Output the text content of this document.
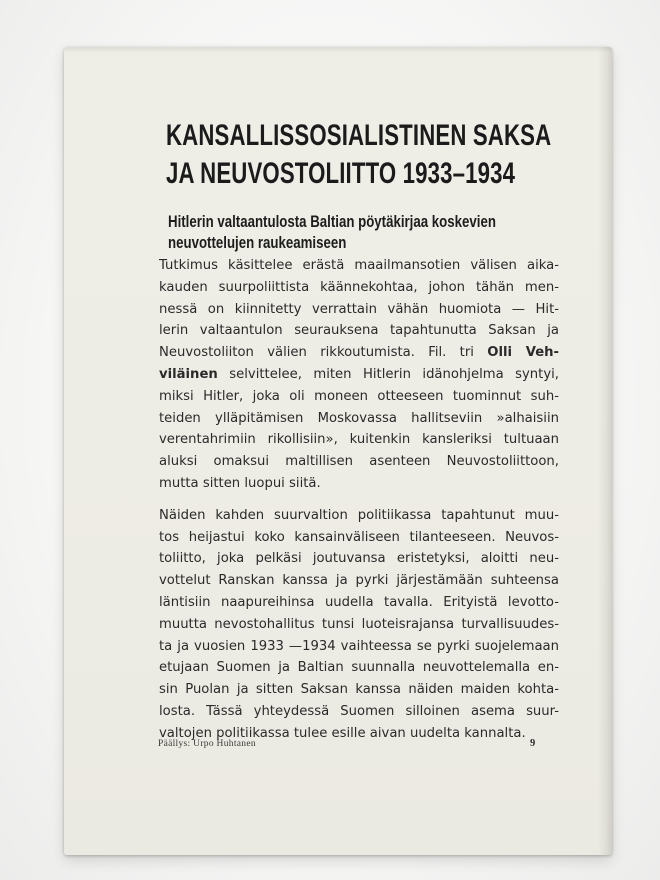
KANSALLISSOSIALISTINEN SAKSA
JA NEUVOSTOLIITTO 1933–1934
Hitlerin valtaantulosta Baltian pöytäkirjaa koskevien
neuvottelujen raukeamiseen

Tutkimus käsittelee erästä maailmansotien välisen aika-
kauden suurpoliittista käännekohtaa, johon tähän men-
nessä on kiinnitetty verrattain vähän huomiota — Hit-
lerin valtaantulon seurauksena tapahtunutta Saksan ja
Neuvostoliiton välien rikkoutumista. Fil. tri Olli Veh-
viläinen selvittelee, miten Hitlerin idänohjelma syntyi,
miksi Hitler, joka oli moneen otteeseen tuominnut suh-
teiden ylläpitämisen Moskovassa hallitseviin »alhaisiin
verentahrimiin rikollisiin», kuitenkin kansleriksi tultuaan
aluksi omaksui maltillisen asenteen Neuvostoliittoon,
mutta sitten luopui siitä.

Näiden kahden suurvaltion politiikassa tapahtunut muu-
tos heijastui koko kansainväliseen tilanteeseen. Neuvos-
toliitto, joka pelkäsi joutuvansa eristetyksi, aloitti neu-
vottelut Ranskan kanssa ja pyrki järjestämään suhteensa
läntisiin naapureihinsa uudella tavalla. Erityistä levotto-
muutta nevostohallitus tunsi luoteisrajansa turvallisuudes-
ta ja vuosien 1933 —1934 vaihteessa se pyrki suojelemaan
etujaan Suomen ja Baltian suunnalla neuvottelemalla en-
sin Puolan ja sitten Saksan kanssa näiden maiden kohta-
losta. Tässä yhteydessä Suomen silloinen asema suur-
valtojen politiikassa tulee esille aivan uudelta kannalta.

Päällys: Urpo Huhtanen	9
